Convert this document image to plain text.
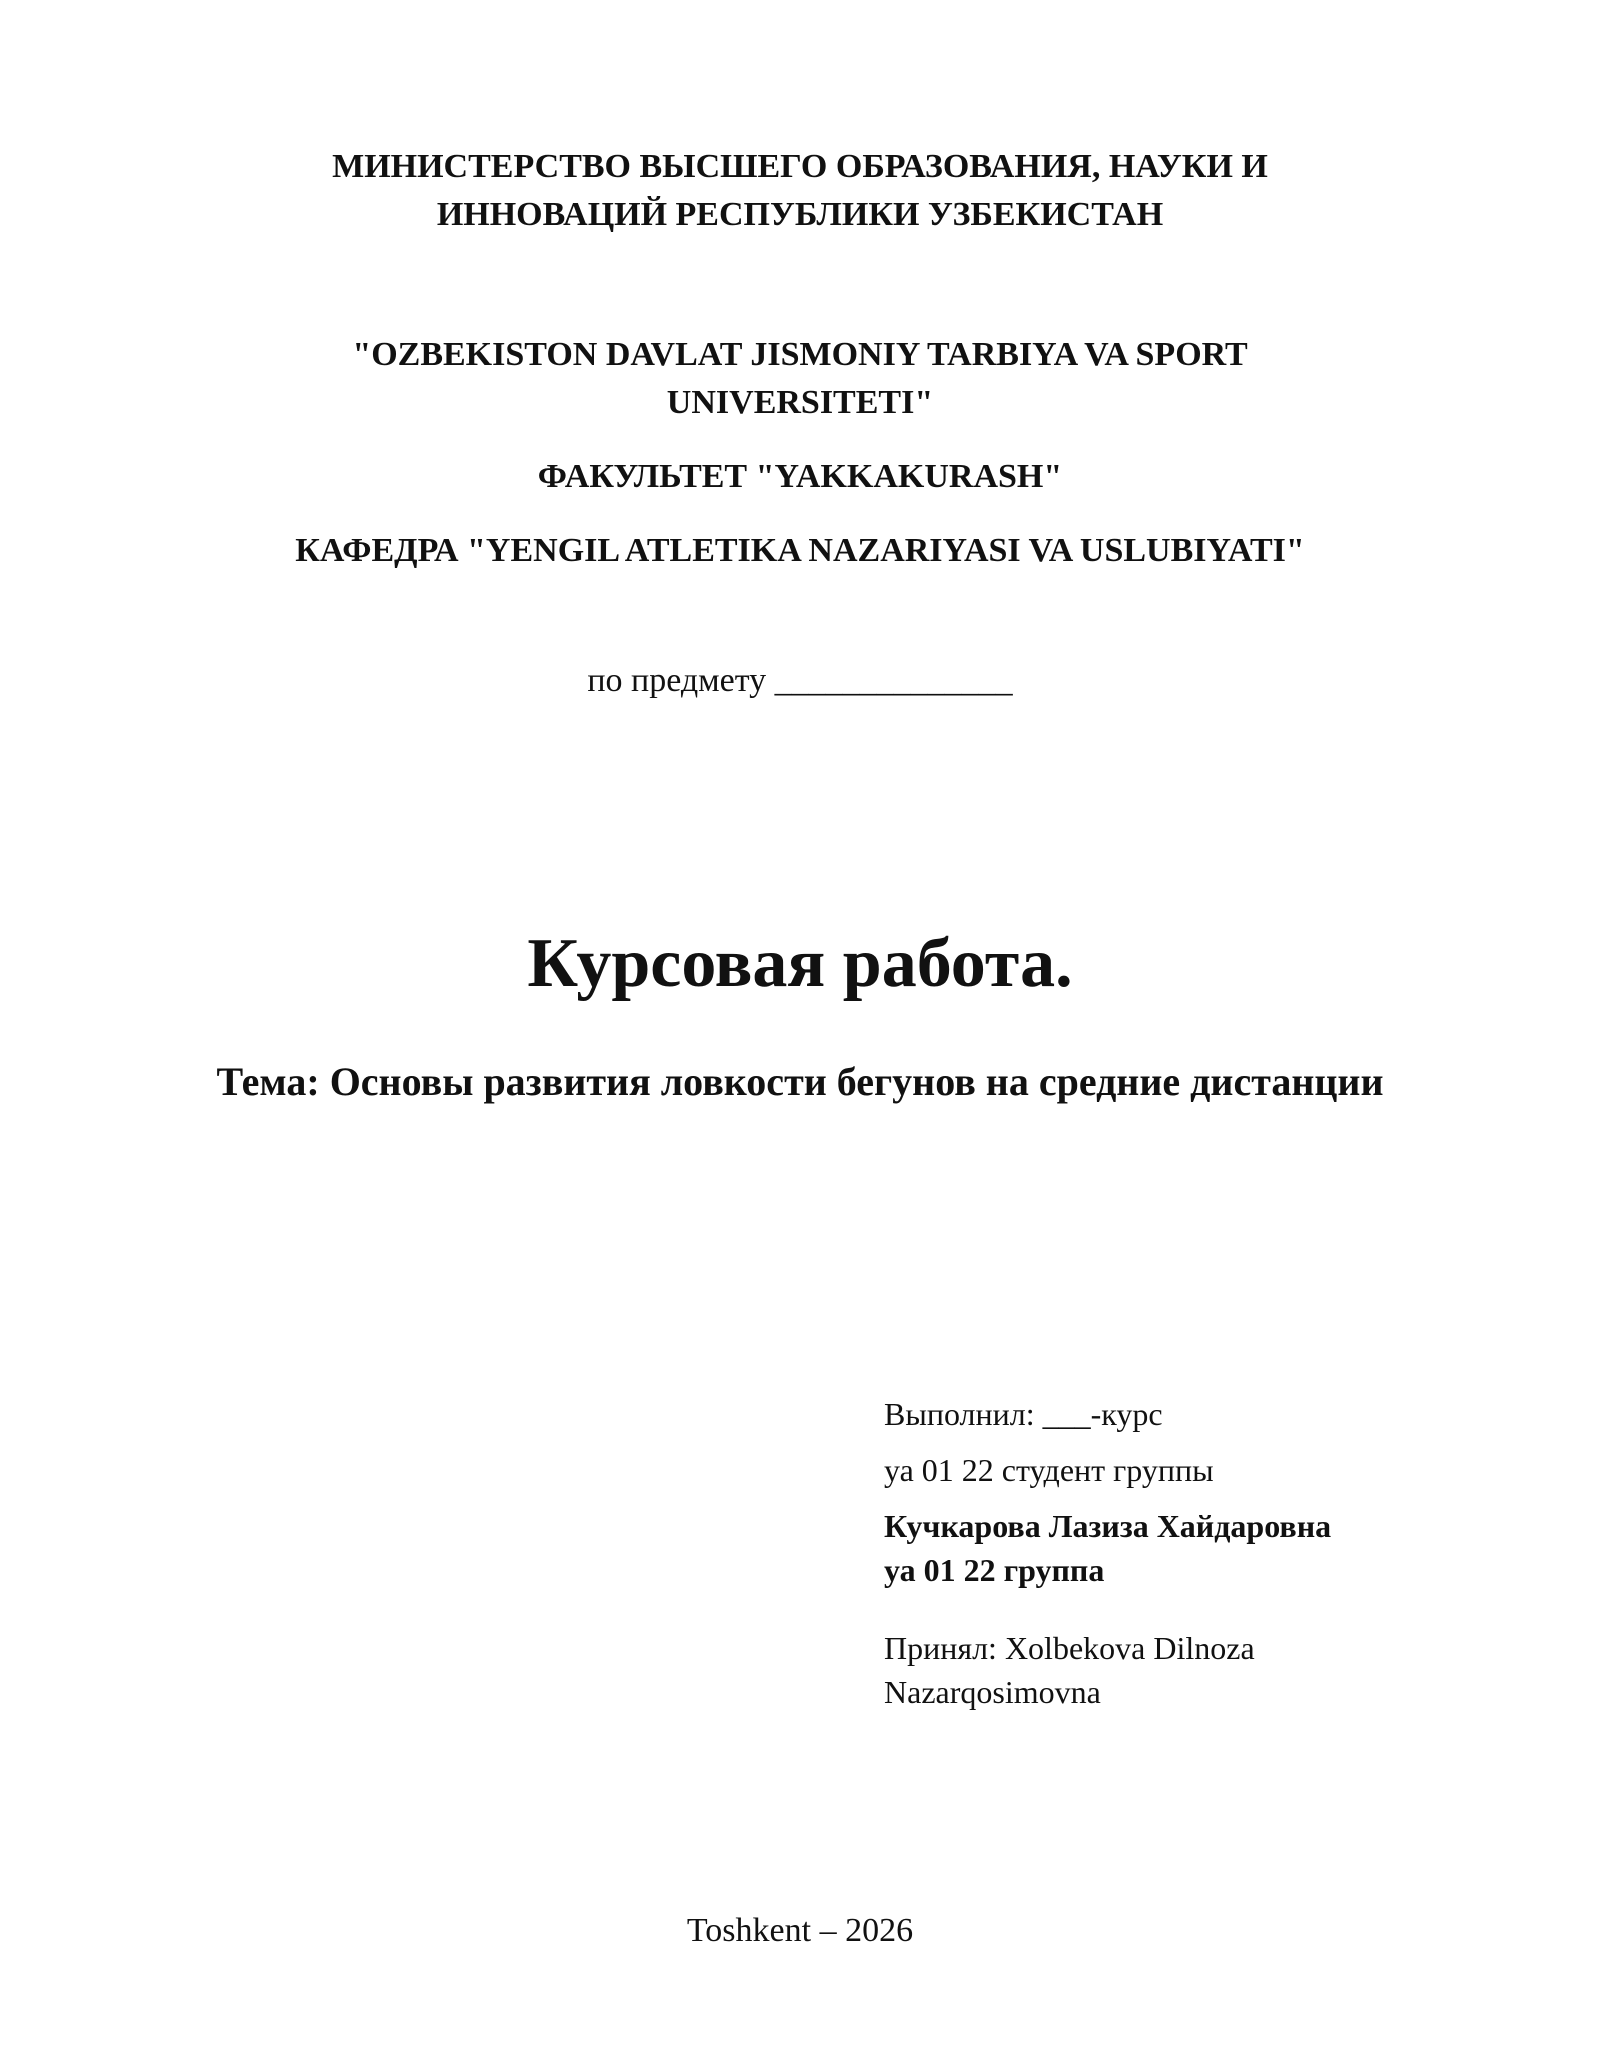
МИНИСТЕРСТВО ВЫСШЕГО ОБРАЗОВАНИЯ, НАУКИ И
ИННОВАЦИЙ РЕСПУБЛИКИ УЗБЕКИСТАН
"OZBEKISTON DAVLAT JISMONIY TARBIYA VA SPORT
UNIVERSITETI"
ФАКУЛЬТЕТ "YAKKAKURASH"
КАФЕДРА "YENGIL ATLETIKA NAZARIYASI VA USLUBIYATI"
по предмету ______________
Курсовая работа.
Тема: Основы развития ловкости бегунов на средние дистанции
Выполнил: ___-курс
уа 01 22 студент группы
Кучкарова Лазиза Хайдаровна
уа 01 22 группа
Принял: Xolbekova Dilnoza
Nazarqosimovna
Toshkent – 2026
